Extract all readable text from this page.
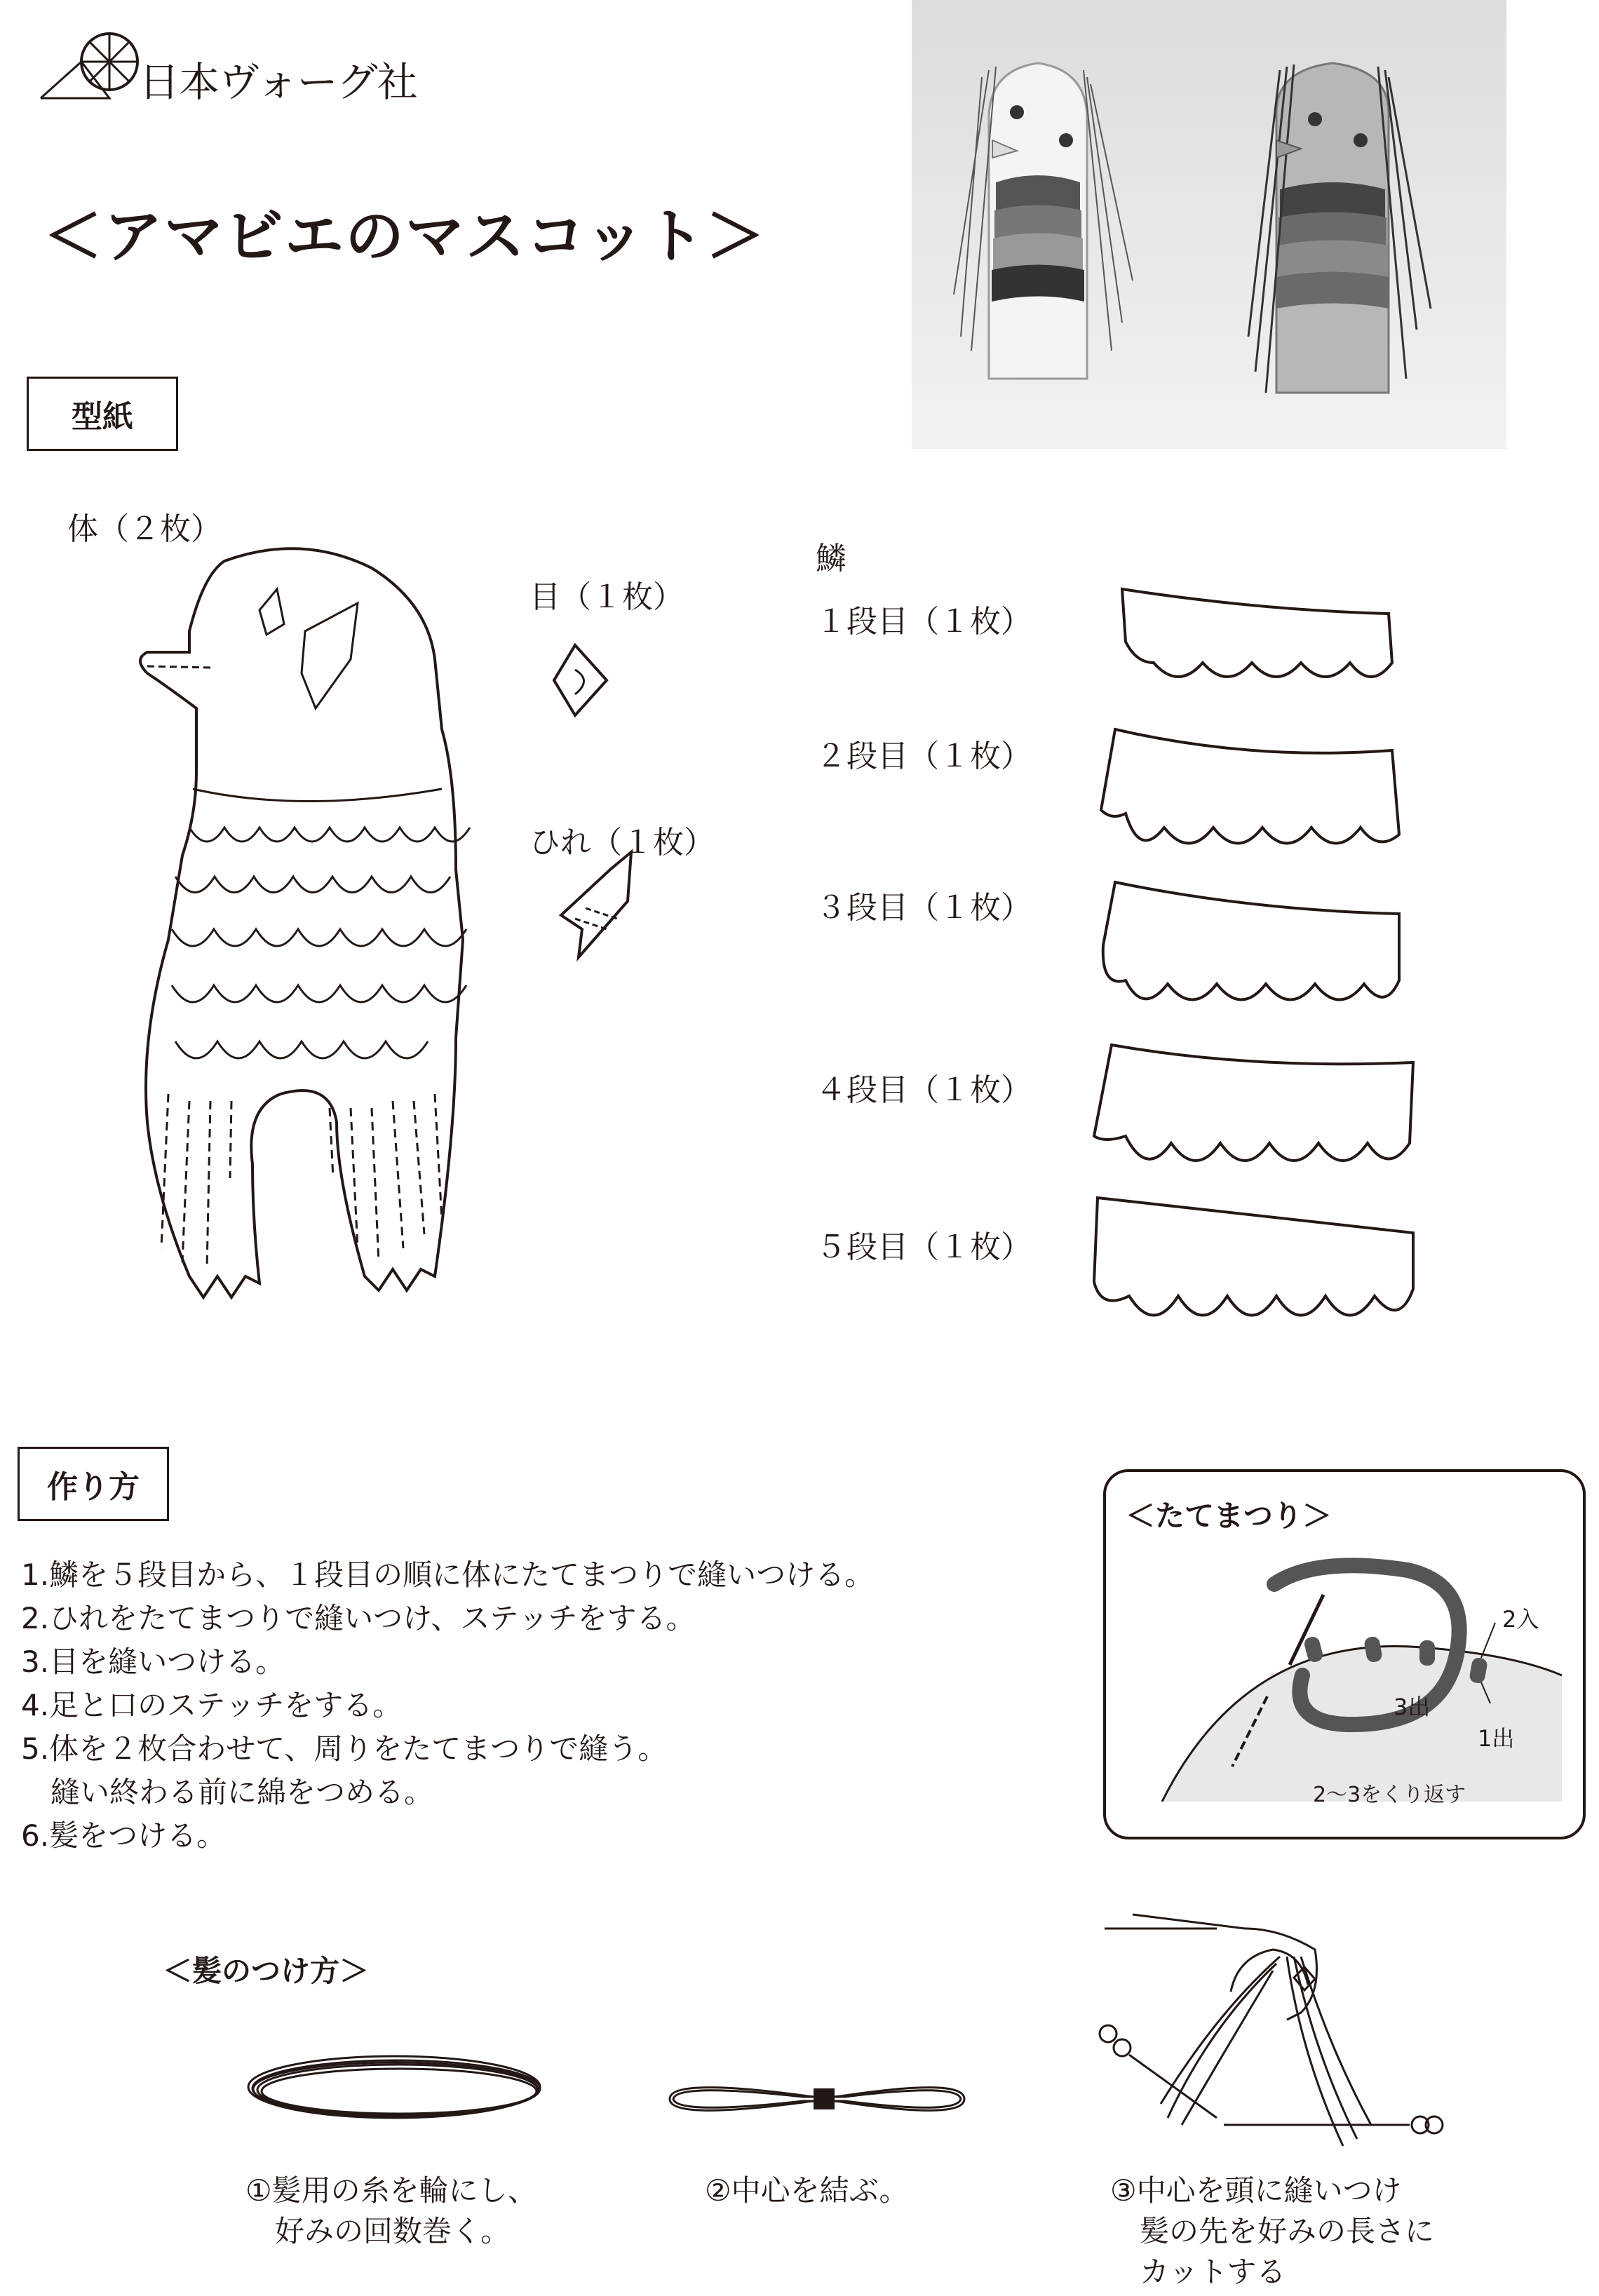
日本ヴォーグ社
＜アマビエのマスコット＞
型紙
体（２枚）
目（１枚）
ひれ（１枚）
鱗
１段目（１枚）
２段目（１枚）
３段目（１枚）
４段目（１枚）
５段目（１枚）
作り方
1.鱗を５段目から、１段目の順に体にたてまつりで縫いつける。
2.ひれをたてまつりで縫いつけ、ステッチをする。
3.目を縫いつける。
4.足と口のステッチをする。
5.体を２枚合わせて、周りをたてまつりで縫う。
　縫い終わる前に綿をつめる。
6.髪をつける。
＜たてまつり＞
2入
3出
1出
2〜3をくり返す
＜髪のつけ方＞
①髪用の糸を輪にし、
　好みの回数巻く。
②中心を結ぶ。	③中心を頭に縫いつけ
　髪の先を好みの長さに
　カットする
